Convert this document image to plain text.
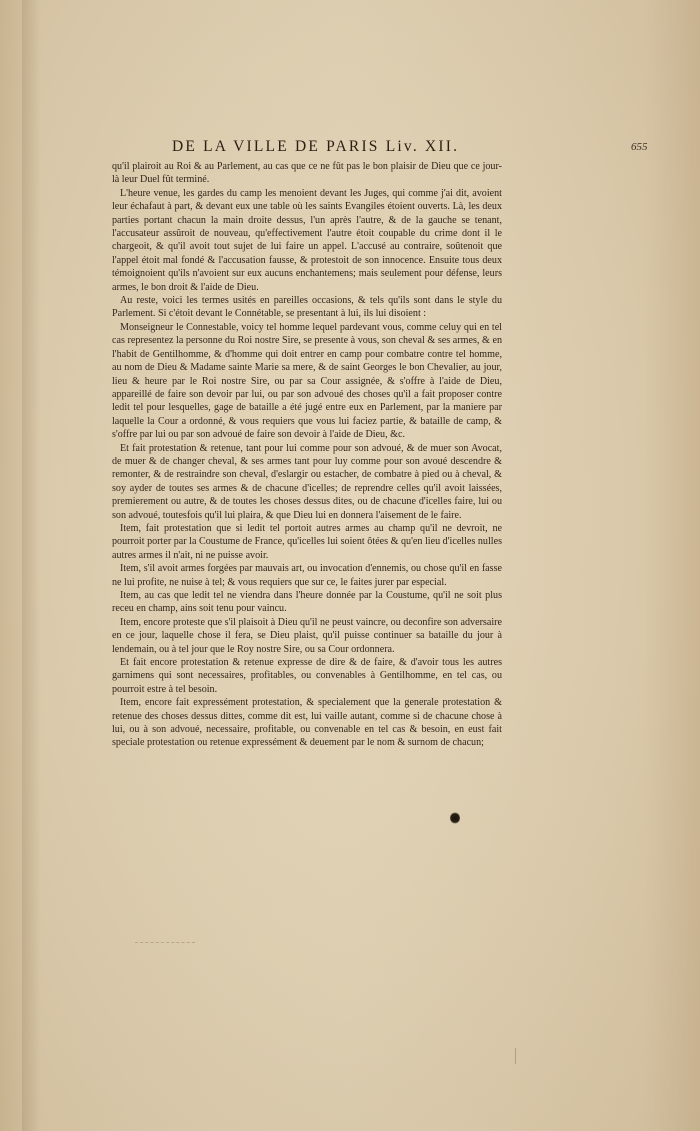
DE LA VILLE DE PARIS Liv. XII.	655

qu'il plairoit au Roi & au Parlement, au cas que ce ne fût pas le bon plaisir de Dieu que ce jour-là leur Duel fût terminé.

L'heure venue, les gardes du camp les menoient devant les Juges, qui comme j'ai dit, avoient leur échafaut à part, & devant eux une table où les saints Evangiles étoient ouverts. Là, les deux parties portant chacun la main droite dessus, l'un après l'autre, & de la gauche se tenant, l'accusateur assûroit de nouveau, qu'effectivement l'autre étoit coupable du crime dont il le chargeoit, & qu'il avoit tout sujet de lui faire un appel. L'accusé au contraire, soûtenoit que l'appel étoit mal fondé & l'accusation fausse, & protestoit de son innocence. Ensuite tous deux témoignoient qu'ils n'avoient sur eux aucuns enchantemens; mais seulement pour défense, leurs armes, le bon droit & l'aide de Dieu.

Au reste, voici les termes usités en pareilles occasions, & tels qu'ils sont dans le style du Parlement. Si c'étoit devant le Connétable, se presentant à lui, ils lui disoient :

Monseigneur le Connestable, voicy tel homme lequel pardevant vous, comme celuy qui en tel cas representez la personne du Roi nostre Sire, se presente à vous, son cheval & ses armes, & en l'habit de Gentilhomme, & d'homme qui doit entrer en camp pour combatre contre tel homme, au nom de Dieu & Madame sainte Marie sa mere, & de saint Georges le bon Chevalier, au jour, lieu & heure par le Roi nostre Sire, ou par sa Cour assignée, & s'offre à l'aide de Dieu, appareillé de faire son devoir par lui, ou par son advoué des choses qu'il a fait proposer contre ledit tel pour lesquelles, gage de bataille a été jugé entre eux en Parlement, par la maniere par laquelle la Cour a ordonné, & vous requiers que vous lui faciez partie, & bataille de camp, & s'offre par lui ou par son advoué de faire son devoir à l'aide de Dieu, &c.

Et fait protestation & retenue, tant pour lui comme pour son advoué, & de muer son Avocat, de muer & de changer cheval, & ses armes tant pour luy comme pour son avoué descendre & remonter, & de restraindre son cheval, d'eslargir ou estacher, de combatre à pied ou à cheval, & soy ayder de toutes ses armes & de chacune d'icelles; de reprendre celles qu'il avoit laissées, premierement ou autre, & de toutes les choses dessus dites, ou de chacune d'icelles faire, lui ou son advoué, toutesfois qu'il lui plaira, & que Dieu lui en donnera l'aisement de le faire.

Item, fait protestation que si ledit tel portoit autres armes au champ qu'il ne devroit, ne pourroit porter par la Coustume de France, qu'icelles lui soient ôtées & qu'en lieu d'icelles nulles autres armes il n'ait, ni ne puisse avoir.

Item, s'il avoit armes forgées par mauvais art, ou invocation d'ennemis, ou chose qu'il en fasse ne lui profite, ne nuise à tel; & vous requiers que sur ce, le faites jurer par especial.

Item, au cas que ledit tel ne viendra dans l'heure donnée par la Coustume, qu'il ne soit plus receu en champ, ains soit tenu pour vaincu.

Item, encore proteste que s'il plaisoit à Dieu qu'il ne peust vaincre, ou deconfire son adversaire en ce jour, laquelle chose il fera, se Dieu plaist, qu'il puisse continuer sa bataille du jour à lendemain, ou à tel jour que le Roy nostre Sire, ou sa Cour ordonnera.

Et fait encore protestation & retenue expresse de dire & de faire, & d'avoir tous les autres garnimens qui sont necessaires, profitables, ou convenables à Gentilhomme, en tel cas, ou pourroit estre à tel besoin.

Item, encore fait expressément protestation, & specialement que la generale protestation & retenue des choses dessus dittes, comme dit est, lui vaille autant, comme si de chacune chose à lui, ou à son advoué, necessaire, profitable, ou convenable en tel cas & besoin, en eust fait speciale protestation ou retenue expressément & deuement par le nom & surnom de chacun;
